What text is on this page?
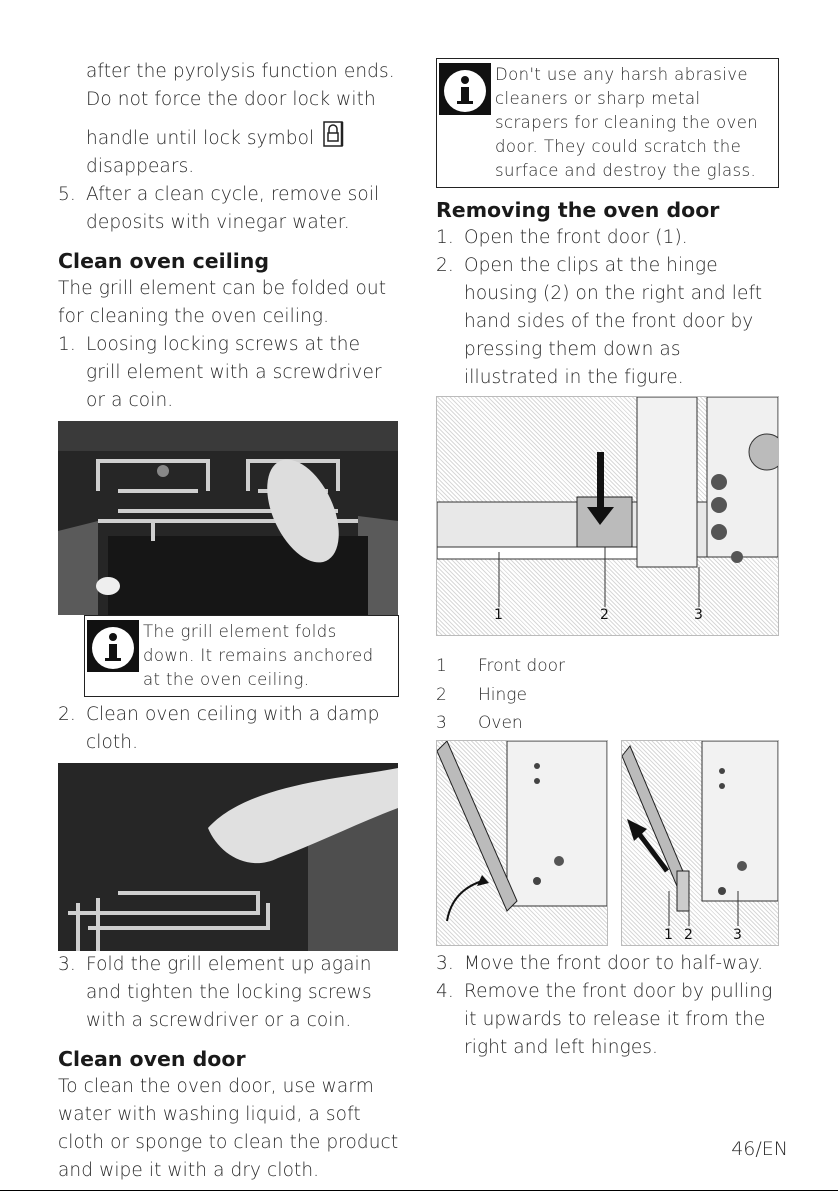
after the pyrolysis function ends.

Do not force the door lock with

handle until lock symbol

disappears.

5. After a clean cycle, remove soil
deposits with vinegar water.
Clean oven ceiling

The grill element can be folded out

for cleaning the oven ceiling.

1. Loosing locking screws at the
grill element with a screwdriver
or a coin.
The grill element folds
down. It remains anchored
at the oven ceiling.
2. Clean oven ceiling with a damp
cloth.
3. Fold the grill element up again
and tighten the locking screws
with a screwdriver or a coin.
Clean oven door

To clean the oven door, use warm

water with washing liquid, a soft

cloth or sponge to clean the product

and wipe it with a dry cloth.

Don't use any harsh abrasive
cleaners or sharp metal
scrapers for cleaning the oven
door. They could scratch the
surface and destroy the glass.
Removing the oven door
1. Open the front door (1).
2. Open the clips at the hinge
housing (2) on the right and left
hand sides of the front door by
pressing them down as
illustrated in the figure.
1	2	3
1 Front door
2 Hinge
3 Oven
1 2	3
3. Move the front door to half-way.
4. Remove the front door by pulling
it upwards to release it from the
right and left hinges.
46/EN
